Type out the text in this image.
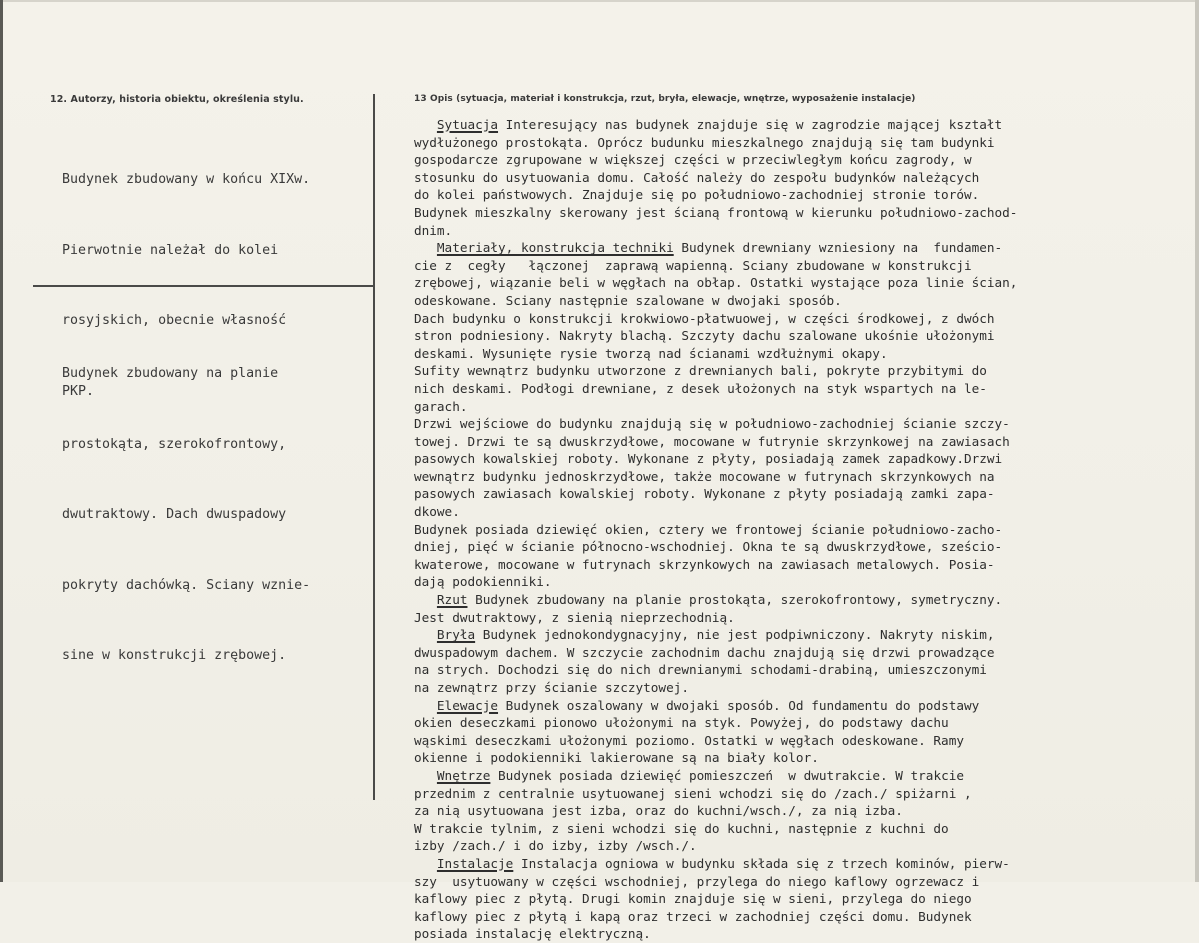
12. Autorzy, historia obiektu, określenia stylu.	13 Opis (sytuacja, materiał i konstrukcja, rzut, bryła, elewacje, wnętrze, wyposażenie instalacje)

Budynek zbudowany w końcu XIXw.

Pierwotnie należał do kolei

rosyjskich, obecnie własność

PKP.

Budynek zbudowany na planie

prostokąta, szerokofrontowy,

dwutraktowy. Dach dwuspadowy

pokryty dachówką. Sciany wznie-

sine w konstrukcji zrębowej.

Sytuacja Interesujący nas budynek znajduje się w zagrodzie mającej kształt
wydłużonego prostokąta. Oprócz budunku mieszkalnego znajdują się tam budynki
gospodarcze zgrupowane w większej części w przeciwległym końcu zagrody, w
stosunku do usytuowania domu. Całość należy do zespołu budynków należących
do kolei państwowych. Znajduje się po południowo-zachodniej stronie torów.
Budynek mieszkalny skerowany jest ścianą frontową w kierunku południowo-zachod-
dnim.
Materiały, konstrukcja techniki Budynek drewniany wzniesiony na  fundamen-
cie z  cegły   łączonej  zaprawą wapienną. Sciany zbudowane w konstrukcji
zrębowej, wiązanie beli w węgłach na obłap. Ostatki wystające poza linie ścian,
odeskowane. Sciany następnie szalowane w dwojaki sposób.
Dach budynku o konstrukcji krokwiowo-płatwuowej, w części środkowej, z dwóch
stron podniesiony. Nakryty blachą. Szczyty dachu szalowane ukośnie ułożonymi
deskami. Wysunięte rysie tworzą nad ścianami wzdłużnymi okapy.
Sufity wewnątrz budynku utworzone z drewnianych bali, pokryte przybitymi do
nich deskami. Podłogi drewniane, z desek ułożonych na styk wspartych na le-
garach.
Drzwi wejściowe do budynku znajdują się w południowo-zachodniej ścianie szczy-
towej. Drzwi te są dwuskrzydłowe, mocowane w futrynie skrzynkowej na zawiasach
pasowych kowalskiej roboty. Wykonane z płyty, posiadają zamek zapadkowy.Drzwi
wewnątrz budynku jednoskrzydłowe, także mocowane w futrynach skrzynkowych na
pasowych zawiasach kowalskiej roboty. Wykonane z płyty posiadają zamki zapa-
dkowe.
Budynek posiada dziewięć okien, cztery we frontowej ścianie południowo-zacho-
dniej, pięć w ścianie północno-wschodniej. Okna te są dwuskrzydłowe, sześcio-
kwaterowe, mocowane w futrynach skrzynkowych na zawiasach metalowych. Posia-
dają podokienniki.
Rzut Budynek zbudowany na planie prostokąta, szerokofrontowy, symetryczny.
Jest dwutraktowy, z sienią nieprzechodnią.
Bryła Budynek jednokondygnacyjny, nie jest podpiwniczony. Nakryty niskim,
dwuspadowym dachem. W szczycie zachodnim dachu znajdują się drzwi prowadzące
na strych. Dochodzi się do nich drewnianymi schodami-drabiną, umieszczonymi
na zewnątrz przy ścianie szczytowej.
Elewacje Budynek oszalowany w dwojaki sposób. Od fundamentu do podstawy
okien deseczkami pionowo ułożonymi na styk. Powyżej, do podstawy dachu
wąskimi deseczkami ułożonymi poziomo. Ostatki w węgłach odeskowane. Ramy
okienne i podokienniki lakierowane są na biały kolor.
Wnętrze Budynek posiada dziewięć pomieszczeń  w dwutrakcie. W trakcie
przednim z centralnie usytuowanej sieni wchodzi się do /zach./ spiżarni ,
za nią usytuowana jest izba, oraz do kuchni/wsch./, za nią izba.
W trakcie tylnim, z sieni wchodzi się do kuchni, następnie z kuchni do
izby /zach./ i do izby, izby /wsch./.
Instalacje Instalacja ogniowa w budynku składa się z trzech kominów, pierw-
szy  usytuowany w części wschodniej, przylega do niego kaflowy ogrzewacz i
kaflowy piec z płytą. Drugi komin znajduje się w sieni, przylega do niego
kaflowy piec z płytą i kapą oraz trzeci w zachodniej części domu. Budynek
posiada instalację elektryczną.
